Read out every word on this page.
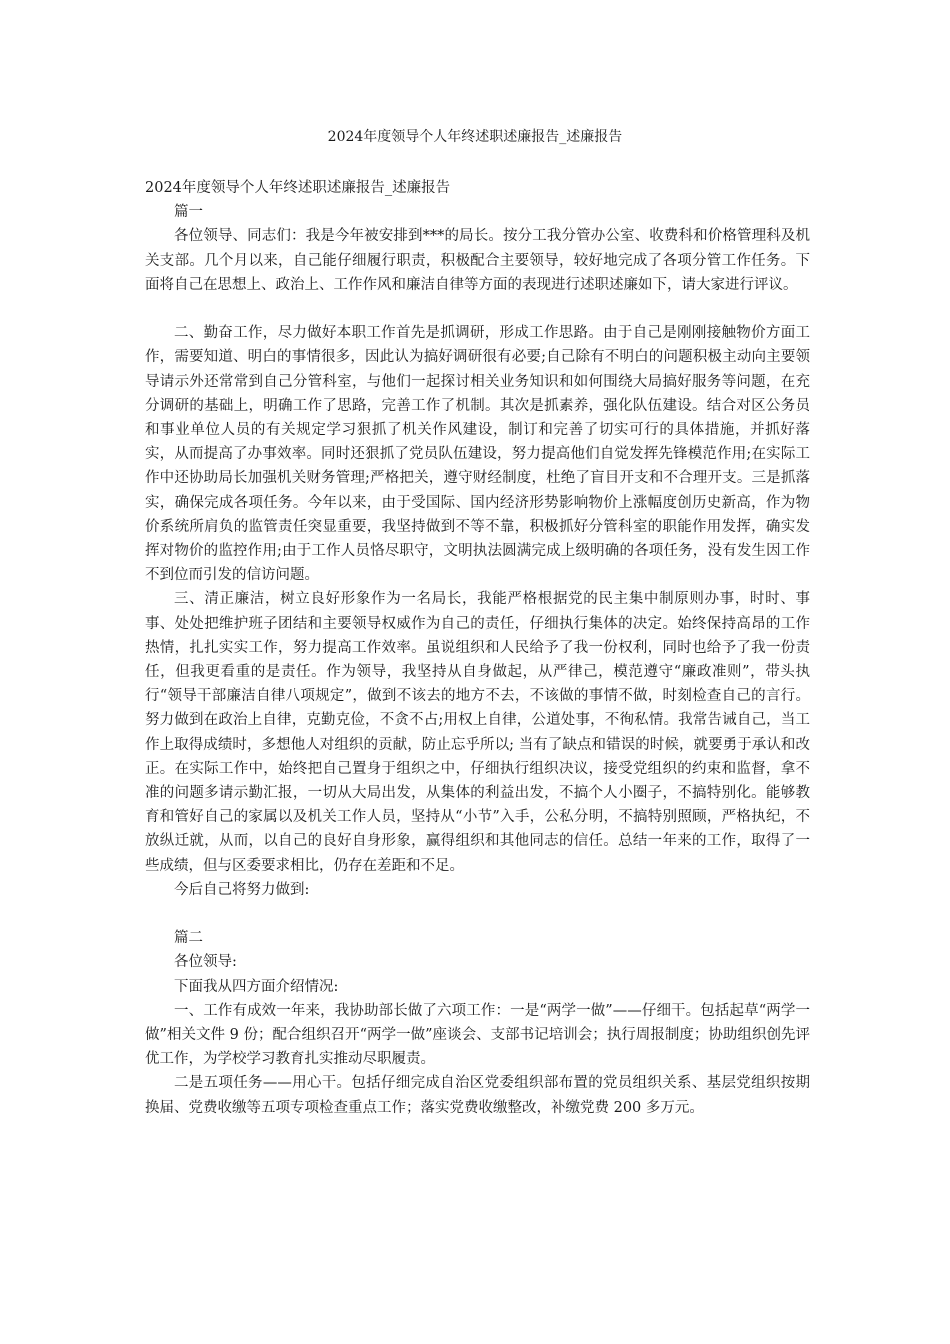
2024年度领导个人年终述职述廉报告_述廉报告

2024年度领导个人年终述职述廉报告_述廉报告

篇一

各位领导、同志们：我是今年被安排到***的局长。按分工我分管办公室、收费科和价格管理科及机关支部。几个月以来，自己能仔细履行职责，积极配合主要领导，较好地完成了各项分管工作任务。下面将自己在思想上、政治上、工作作风和廉洁自律等方面的表现进行述职述廉如下，请大家进行评议。

二、勤奋工作，尽力做好本职工作首先是抓调研，形成工作思路。由于自己是刚刚接触物价方面工作，需要知道、明白的事情很多，因此认为搞好调研很有必要;自己除有不明白的问题积极主动向主要领导请示外还常常到自己分管科室，与他们一起探讨相关业务知识和如何围绕大局搞好服务等问题，在充分调研的基础上，明确工作了思路，完善工作了机制。其次是抓素养，强化队伍建设。结合对区公务员和事业单位人员的有关规定学习狠抓了机关作风建设，制订和完善了切实可行的具体措施，并抓好落实，从而提高了办事效率。同时还狠抓了党员队伍建设，努力提高他们自觉发挥先锋模范作用;在实际工作中还协助局长加强机关财务管理;严格把关，遵守财经制度，杜绝了盲目开支和不合理开支。三是抓落实，确保完成各项任务。今年以来，由于受国际、国内经济形势影响物价上涨幅度创历史新高，作为物价系统所肩负的监管责任突显重要，我坚持做到不等不靠，积极抓好分管科室的职能作用发挥，确实发挥对物价的监控作用;由于工作人员恪尽职守，文明执法圆满完成上级明确的各项任务，没有发生因工作不到位而引发的信访问题。

三、清正廉洁，树立良好形象作为一名局长，我能严格根据党的民主集中制原则办事，时时、事事、处处把维护班子团结和主要领导权威作为自己的责任，仔细执行集体的决定。始终保持高昂的工作热情，扎扎实实工作，努力提高工作效率。虽说组织和人民给予了我一份权利，同时也给予了我一份责任，但我更看重的是责任。作为领导，我坚持从自身做起，从严律己，模范遵守“廉政准则”，带头执行“领导干部廉洁自律八项规定”，做到不该去的地方不去，不该做的事情不做，时刻检查自己的言行。努力做到在政治上自律，克勤克俭，不贪不占;用权上自律，公道处事，不徇私情。我常告诫自己，当工作上取得成绩时，多想他人对组织的贡献，防止忘乎所以; 当有了缺点和错误的时候，就要勇于承认和改正。在实际工作中，始终把自己置身于组织之中，仔细执行组织决议，接受党组织的约束和监督，拿不准的问题多请示勤汇报，一切从大局出发，从集体的利益出发，不搞个人小圈子，不搞特别化。能够教育和管好自己的家属以及机关工作人员，坚持从“小节”入手，公私分明，不搞特别照顾，严格执纪，不放纵迁就，从而，以自己的良好自身形象，赢得组织和其他同志的信任。总结一年来的工作，取得了一些成绩，但与区委要求相比，仍存在差距和不足。

今后自己将努力做到:

篇二

各位领导:

下面我从四方面介绍情况:

一、工作有成效一年来，我协助部长做了六项工作：一是“两学一做”——仔细干。包括起草“两学一做”相关文件 9 份；配合组织召开“两学一做”座谈会、支部书记培训会；执行周报制度；协助组织创先评优工作，为学校学习教育扎实推动尽职履责。

二是五项任务——用心干。包括仔细完成自治区党委组织部布置的党员组织关系、基层党组织按期换届、党费收缴等五项专项检查重点工作；落实党费收缴整改，补缴党费 200 多万元。
